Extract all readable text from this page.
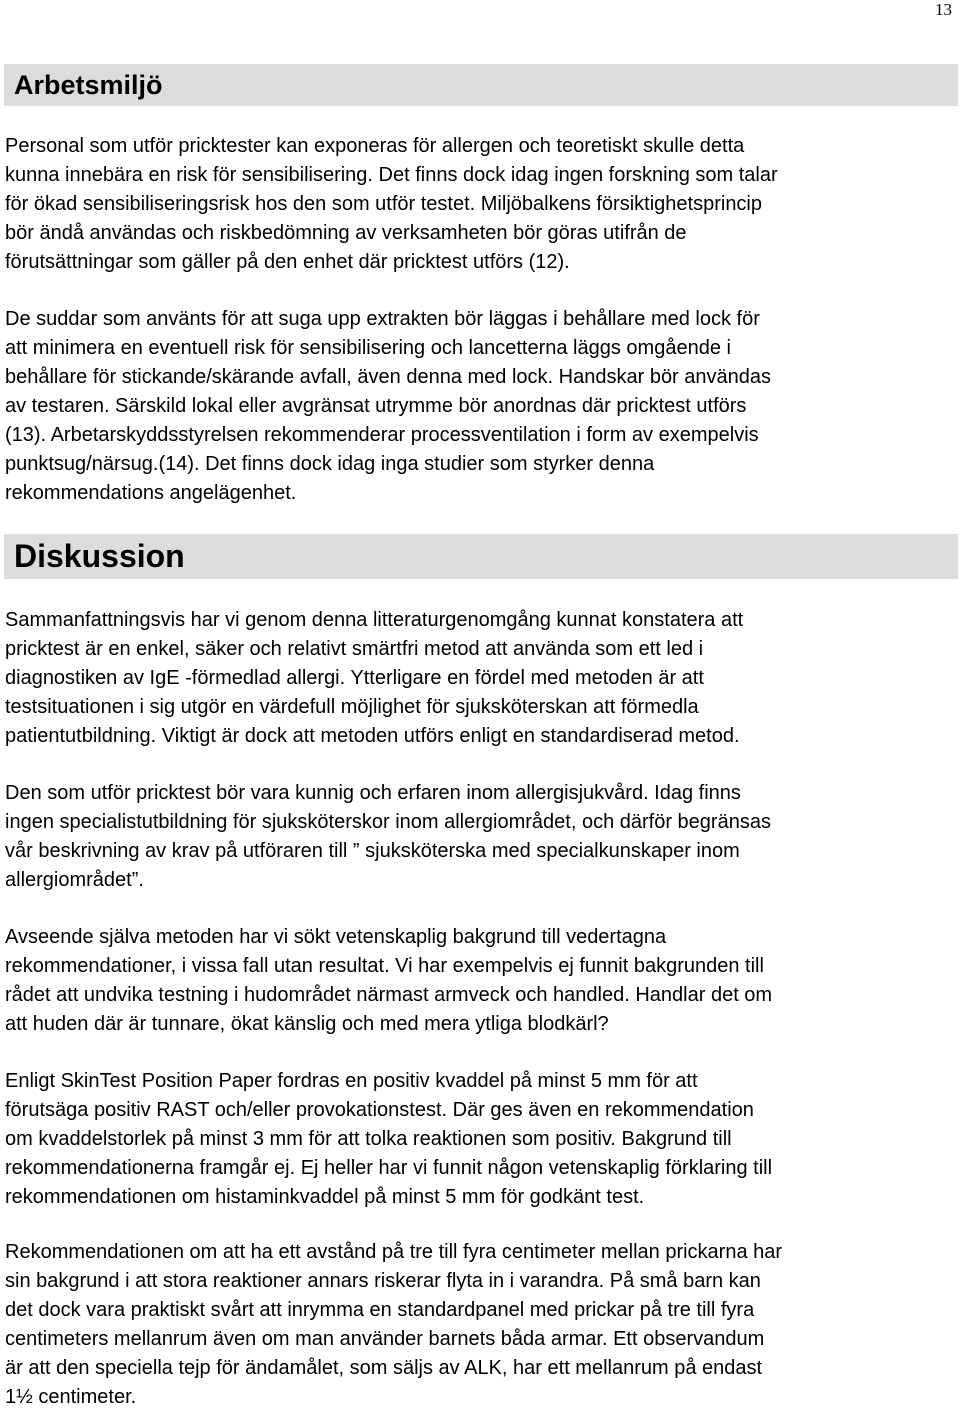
13
Arbetsmiljö

Personal som utför pricktester kan exponeras för allergen och teoretiskt skulle detta
kunna innebära en risk för sensibilisering. Det finns dock idag ingen forskning som talar
för ökad sensibiliseringsrisk hos den som utför testet. Miljöbalkens försiktighetsprincip
bör ändå användas och riskbedömning av verksamheten bör göras utifrån de
förutsättningar som gäller på den enhet där pricktest utförs (12).

De suddar som använts för att suga upp extrakten bör läggas i behållare med lock för
att minimera en eventuell risk för sensibilisering och lancetterna läggs omgående i
behållare för stickande/skärande avfall, även denna med lock. Handskar bör användas
av testaren. Särskild lokal eller avgränsat utrymme bör anordnas där pricktest utförs
(13). Arbetarskyddsstyrelsen rekommenderar processventilation i form av exempelvis
punktsug/närsug.(14). Det finns dock idag inga studier som styrker denna
rekommendations angelägenhet.

Diskussion

Sammanfattningsvis har vi genom denna litteraturgenomgång kunnat konstatera att
pricktest är en enkel, säker och relativt smärtfri metod att använda som ett led i
diagnostiken av IgE -förmedlad allergi. Ytterligare en fördel med metoden är att
testsituationen i sig utgör en värdefull möjlighet för sjuksköterskan att förmedla
patientutbildning. Viktigt är dock att metoden utförs enligt en standardiserad metod.

Den som utför pricktest bör vara kunnig och erfaren inom allergisjukvård. Idag finns
ingen specialistutbildning för sjuksköterskor inom allergiområdet, och därför begränsas
vår beskrivning av krav på utföraren till ” sjuksköterska med specialkunskaper inom
allergiområdet”.

Avseende själva metoden har vi sökt vetenskaplig bakgrund till vedertagna
rekommendationer, i vissa fall utan resultat. Vi har exempelvis ej funnit bakgrunden till
rådet att undvika testning i hudområdet närmast armveck och handled. Handlar det om
att huden där är tunnare, ökat känslig och med mera ytliga blodkärl?

Enligt SkinTest Position Paper fordras en positiv kvaddel på minst 5 mm för att
förutsäga positiv RAST och/eller provokationstest. Där ges även en rekommendation
om kvaddelstorlek på minst 3 mm för att tolka reaktionen som positiv. Bakgrund till
rekommendationerna framgår ej. Ej heller har vi funnit någon vetenskaplig förklaring till
rekommendationen om histaminkvaddel på minst 5 mm för godkänt test.

Rekommendationen om att ha ett avstånd på tre till fyra centimeter mellan prickarna har
sin bakgrund i att stora reaktioner annars riskerar flyta in i varandra. På små barn kan
det dock vara praktiskt svårt att inrymma en standardpanel med prickar på tre till fyra
centimeters mellanrum även om man använder barnets båda armar. Ett observandum
är att den speciella tejp för ändamålet, som säljs av ALK, har ett mellanrum på endast
1½ centimeter.
